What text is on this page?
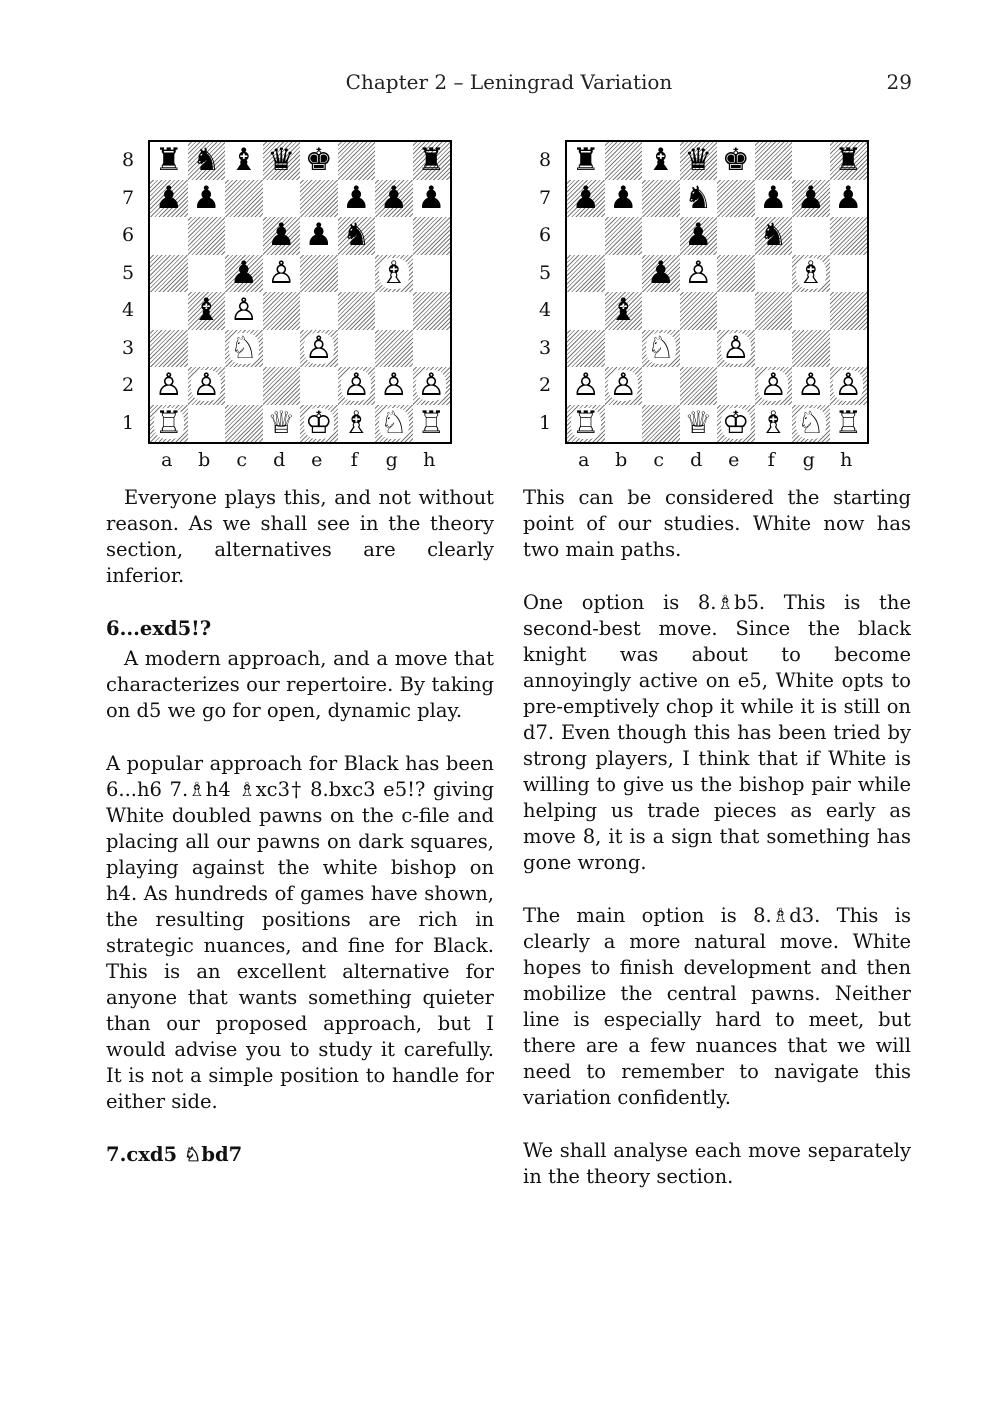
Chapter 2 – Leningrad Variation	29
8
7
6
5
4
3
2
1
♜ ♞ ♝ ♛ ♚	♜
♟ ♟	♟ ♟ ♟
♟ ♟ ♞
♟ ♙	♗
♝ ♙
♘ ♙
♙ ♙	♙ ♙ ♙
♖	♕ ♔ ♗ ♘ ♖
a b c d e f g h
8
7
6
5
4
3
2
1
♜ ♝ ♛ ♚	♜
♟ ♟ ♞ ♟ ♟ ♟
♟ ♞
♟ ♙	♗
♝
♘ ♙
♙ ♙	♙ ♙ ♙
♖	♕ ♔ ♗ ♘ ♖
a b c d e f g h

Everyone plays this, and not without reason. As we shall see in the theory section, alternatives are clearly inferior.

6...exd5!?

A modern approach, and a move that characterizes our repertoire. By taking on d5 we go for open, dynamic play.

A popular approach for Black has been 6...h6 7.♗h4 ♗xc3† 8.bxc3 e5!? giving White doubled pawns on the c-file and placing all our pawns on dark squares, playing against the white bishop on h4. As hundreds of games have shown, the resulting positions are rich in strategic nuances, and fine for Black. This is an excellent alternative for anyone that wants something quieter than our proposed approach, but I would advise you to study it carefully. It is not a simple position to handle for either side.

7.cxd5 ♘bd7

This can be considered the starting point of our studies. White now has two main paths.

One option is 8.♗b5. This is the second-best move. Since the black knight was about to become annoyingly active on e5, White opts to pre-emptively chop it while it is still on d7. Even though this has been tried by strong players, I think that if White is willing to give us the bishop pair while helping us trade pieces as early as move 8, it is a sign that something has gone wrong.

The main option is 8.♗d3. This is clearly a more natural move. White hopes to finish development and then mobilize the central pawns. Neither line is especially hard to meet, but there are a few nuances that we will need to remember to navigate this variation confidently.

We shall analyse each move separately in the theory section.
